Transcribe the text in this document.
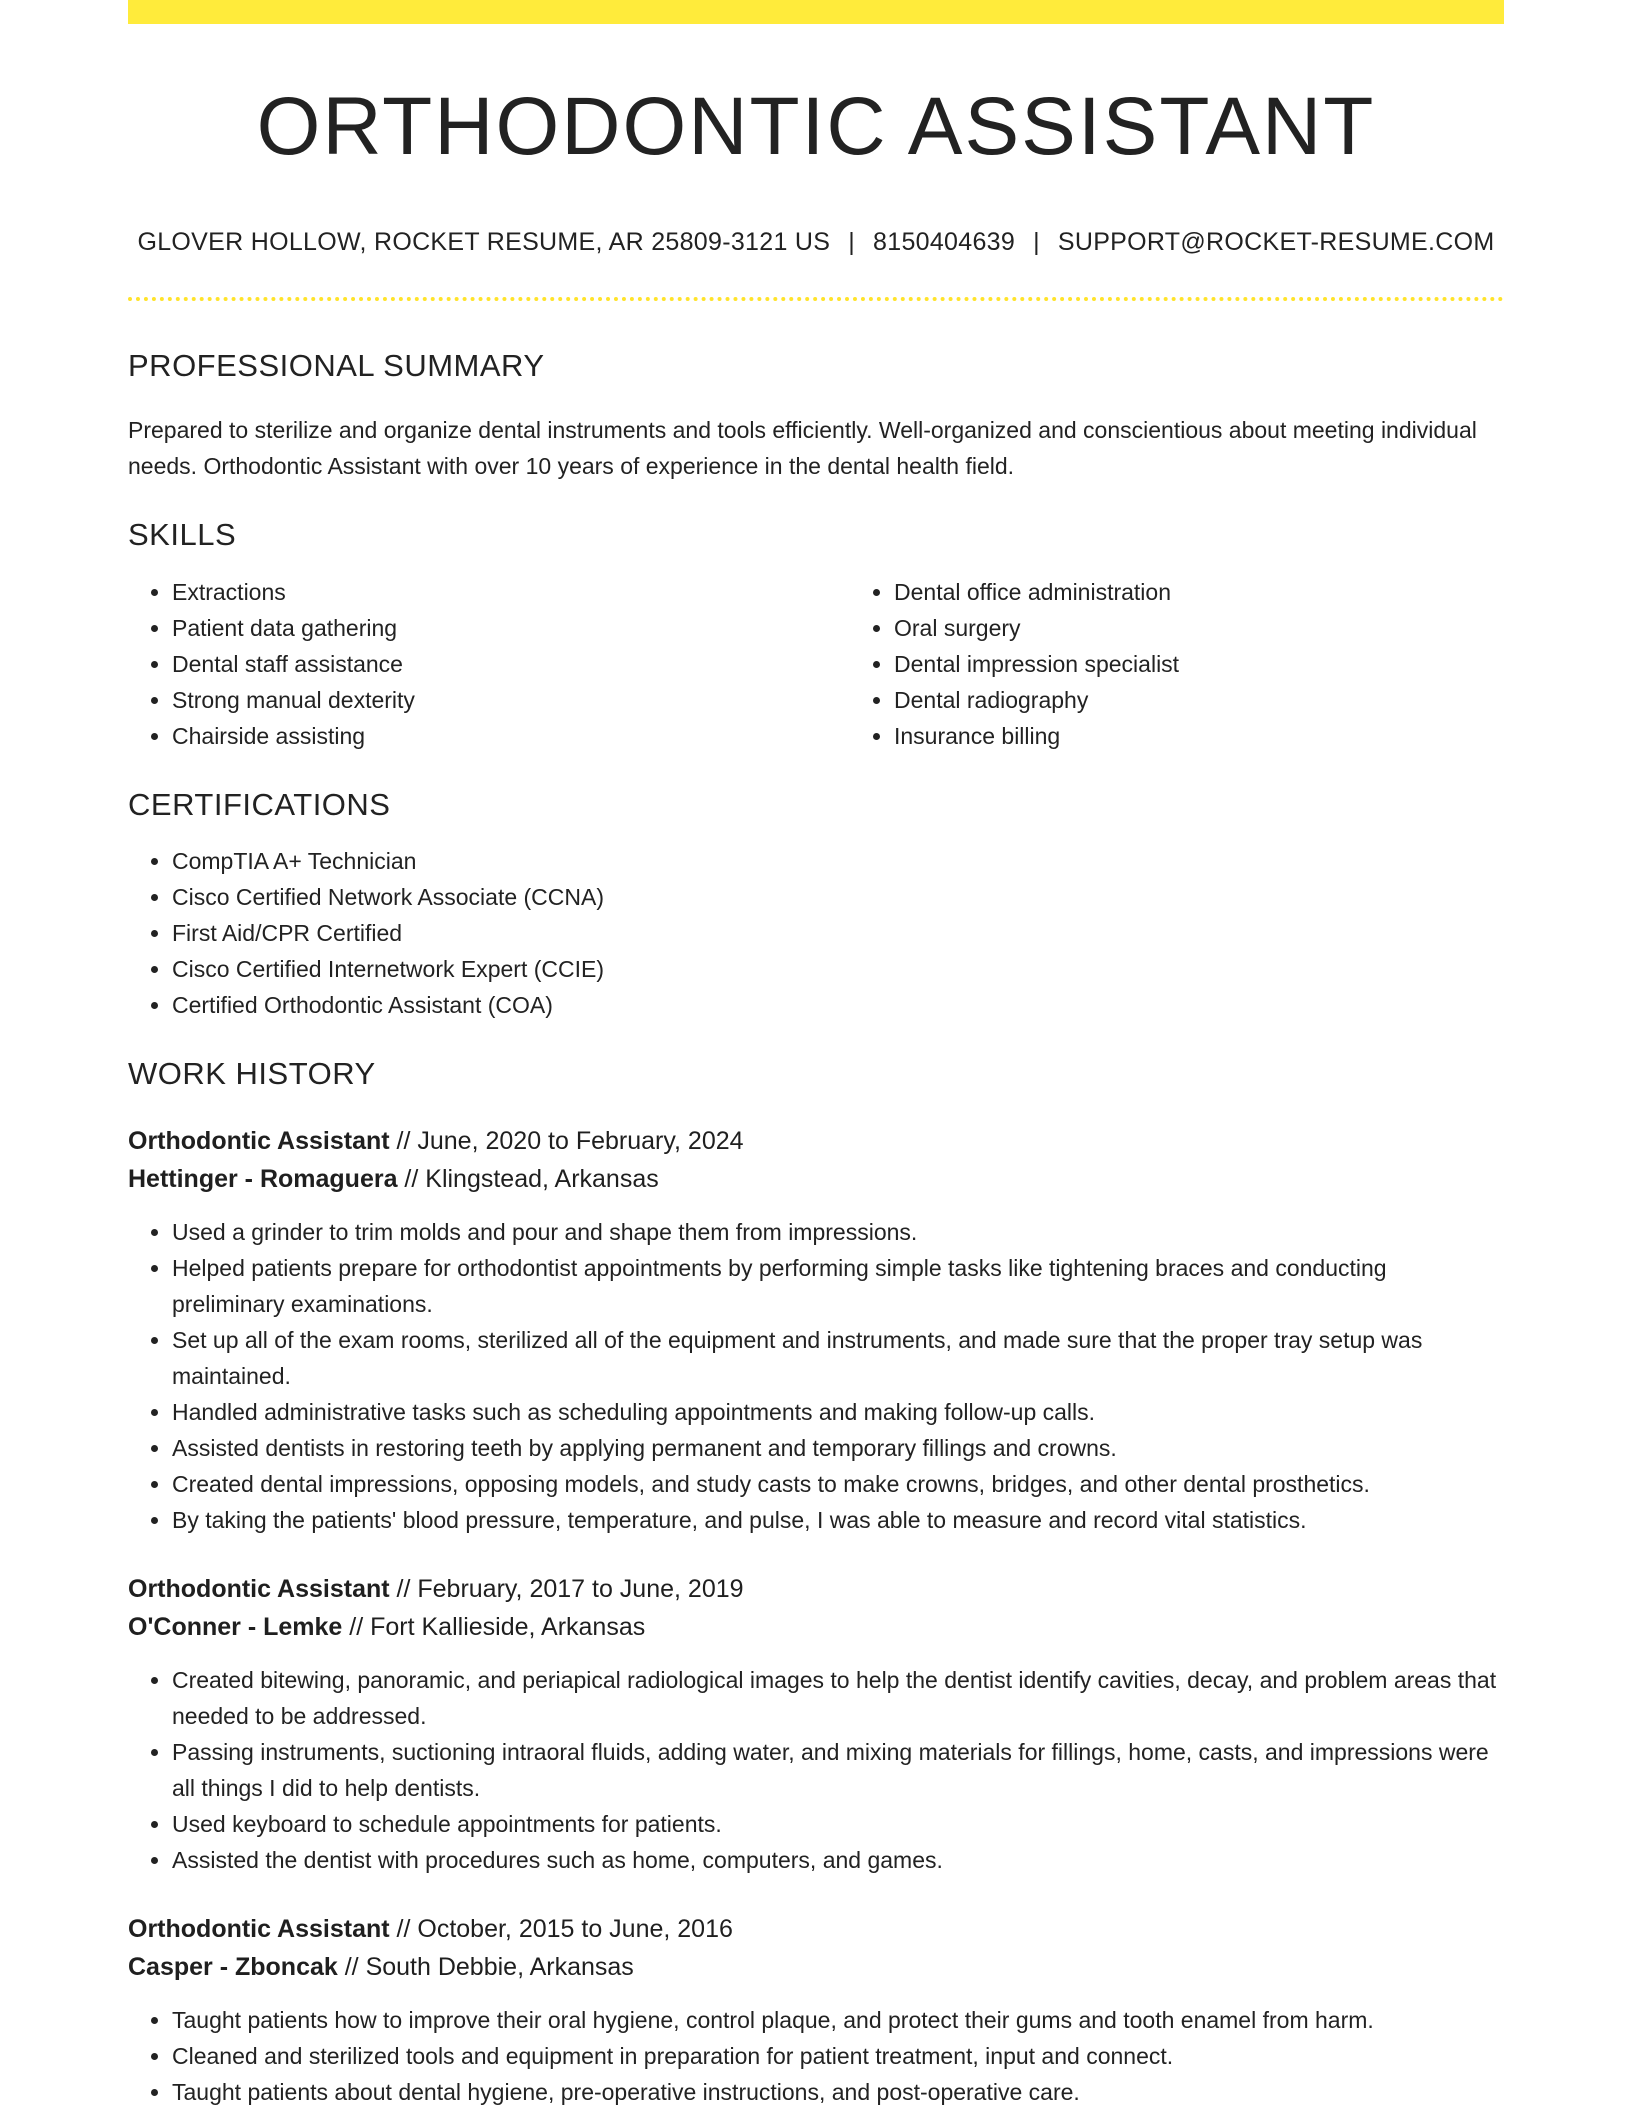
ORTHODONTIC ASSISTANT
GLOVER HOLLOW, ROCKET RESUME, AR 25809-3121 US | 8150404639 | SUPPORT@ROCKET-RESUME.COM
PROFESSIONAL SUMMARY

Prepared to sterilize and organize dental instruments and tools efficiently. Well-organized and conscientious about meeting individual needs. Orthodontic Assistant with over 10 years of experience in the dental health field.

SKILLS
• Extractions
• Patient data gathering
• Dental staff assistance
• Strong manual dexterity
• Chairside assisting
• Dental office administration
• Oral surgery
• Dental impression specialist
• Dental radiography
• Insurance billing
CERTIFICATIONS
• CompTIA A+ Technician
• Cisco Certified Network Associate (CCNA)
• First Aid/CPR Certified
• Cisco Certified Internetwork Expert (CCIE)
• Certified Orthodontic Assistant (COA)
WORK HISTORY
Orthodontic Assistant // June, 2020 to February, 2024
Hettinger - Romaguera // Klingstead, Arkansas
• Used a grinder to trim molds and pour and shape them from impressions.
• Helped patients prepare for orthodontist appointments by performing simple tasks like tightening braces and conducting preliminary examinations.
• Set up all of the exam rooms, sterilized all of the equipment and instruments, and made sure that the proper tray setup was maintained.
• Handled administrative tasks such as scheduling appointments and making follow-up calls.
• Assisted dentists in restoring teeth by applying permanent and temporary fillings and crowns.
• Created dental impressions, opposing models, and study casts to make crowns, bridges, and other dental prosthetics.
• By taking the patients' blood pressure, temperature, and pulse, I was able to measure and record vital statistics.
Orthodontic Assistant // February, 2017 to June, 2019
O'Conner - Lemke // Fort Kallieside, Arkansas
• Created bitewing, panoramic, and periapical radiological images to help the dentist identify cavities, decay, and problem areas that needed to be addressed.
• Passing instruments, suctioning intraoral fluids, adding water, and mixing materials for fillings, home, casts, and impressions were all things I did to help dentists.
• Used keyboard to schedule appointments for patients.
• Assisted the dentist with procedures such as home, computers, and games.
Orthodontic Assistant // October, 2015 to June, 2016
Casper - Zboncak // South Debbie, Arkansas
• Taught patients how to improve their oral hygiene, control plaque, and protect their gums and tooth enamel from harm.
• Cleaned and sterilized tools and equipment in preparation for patient treatment, input and connect.
• Taught patients about dental hygiene, pre-operative instructions, and post-operative care.
